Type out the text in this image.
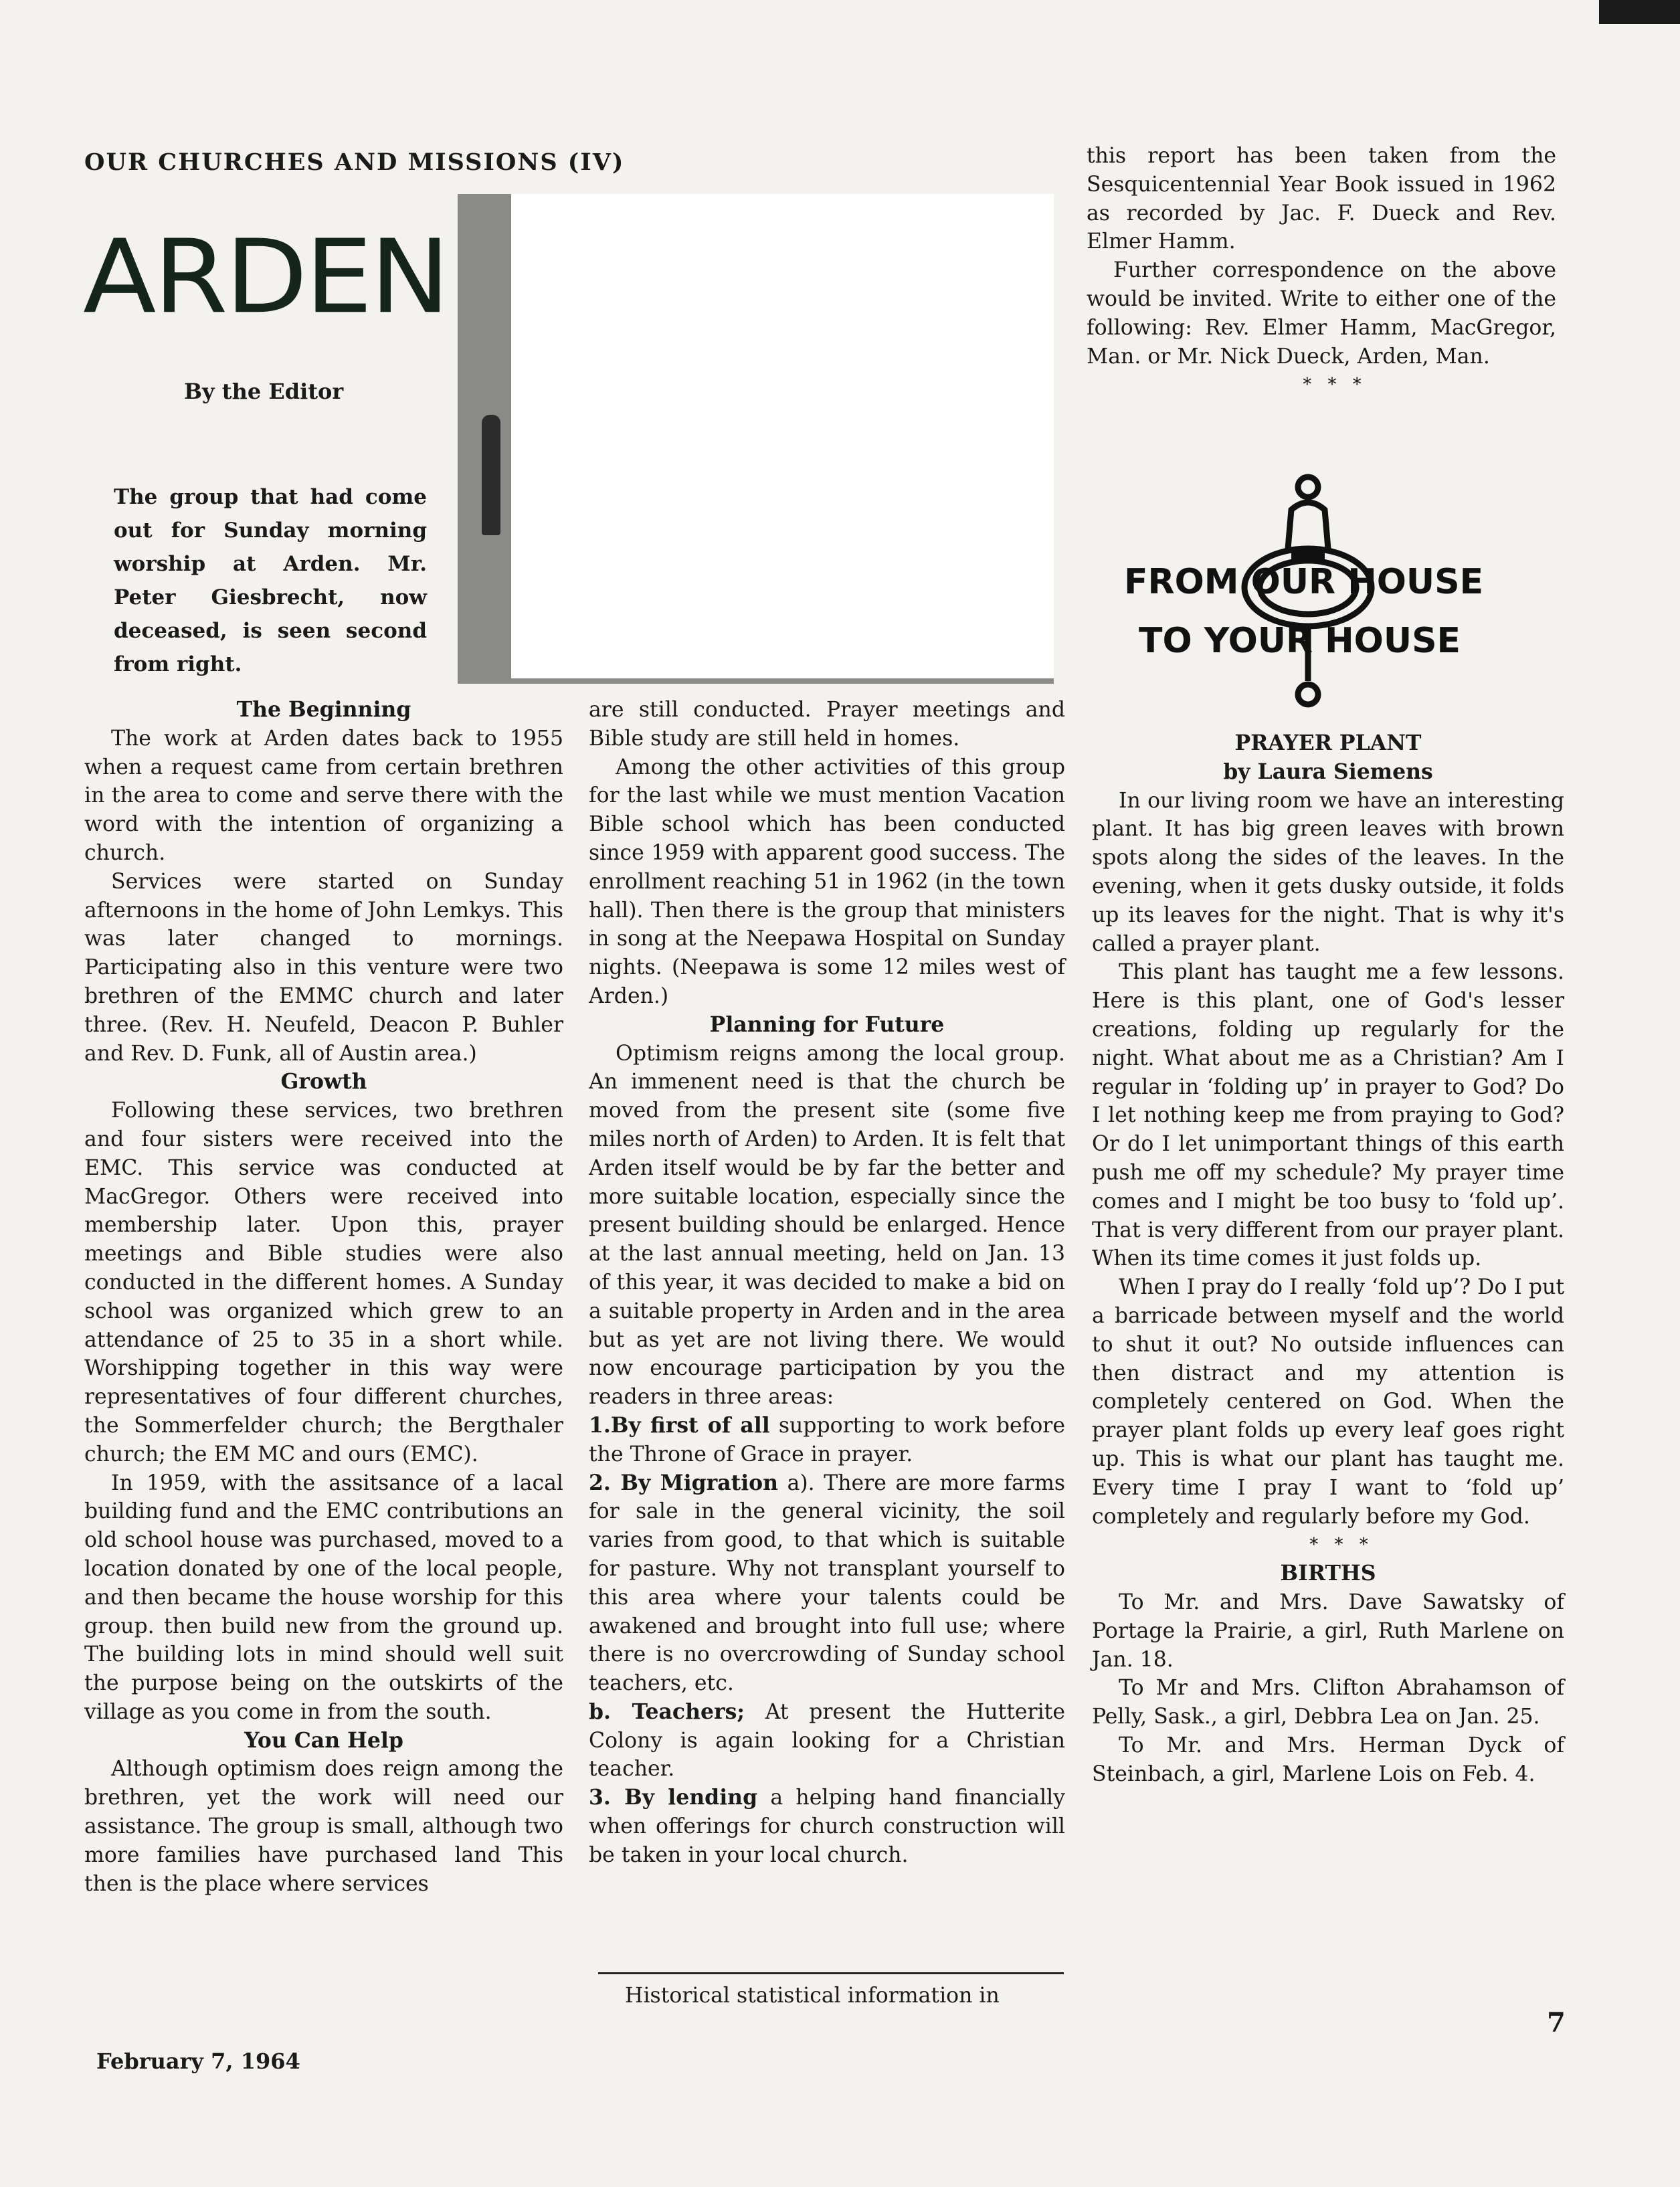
OUR CHURCHES AND MISSIONS (IV)
ARDEN
By the Editor
The group that had come out for Sunday morning worship at Arden. Mr. Peter Giesbrecht, now deceased, is seen second from right.

The Beginning

The work at Arden dates back to 1955 when a request came from certain brethren in the area to come and serve there with the word with the intention of organizing a church.

Services were started on Sunday afternoons in the home of John Lemkys. This was later changed to mornings. Participating also in this venture were two brethren of the EMMC church and later three. (Rev. H. Neufeld, Deacon P. Buhler and Rev. D. Funk, all of Austin area.)

Growth

Following these services, two brethren and four sisters were received into the EMC. This service was conducted at MacGregor. Others were received into membership later. Upon this, prayer meetings and Bible studies were also conducted in the different homes. A Sunday school was organized which grew to an attendance of 25 to 35 in a short while. Worshipping together in this way were representatives of four different churches, the Sommerfelder church; the Bergthaler church; the EM MC and ours (EMC).

In 1959, with the assitsance of a lacal building fund and the EMC contributions an old school house was purchased, moved to a location donated by one of the local people, and then became the house worship for this group. then build new from the ground up. The building lots in mind should well suit the purpose being on the outskirts of the village as you come in from the south.

You Can Help

Although optimism does reign among the brethren, yet the work will need our assistance. The group is small, although two more families have purchased land This then is the place where services

are still conducted. Prayer meetings and Bible study are still held in homes.

Among the other activities of this group for the last while we must mention Vacation Bible school which has been conducted since 1959 with apparent good success. The enrollment reaching 51 in 1962 (in the town hall). Then there is the group that ministers in song at the Neepawa Hospital on Sunday nights. (Neepawa is some 12 miles west of Arden.)

Planning for Future

Optimism reigns among the local group. An immenent need is that the church be moved from the present site (some five miles north of Arden) to Arden. It is felt that Arden itself would be by far the better and more suitable location, especially since the present building should be enlarged. Hence at the last annual meeting, held on Jan. 13 of this year, it was decided to make a bid on a suitable property in Arden and in the area but as yet are not living there. We would now encourage participation by you the readers in three areas:

1.By first of all supporting to work before the Throne of Grace in prayer.

2. By Migration a). There are more farms for sale in the general vicinity, the soil varies from good, to that which is suitable for pasture. Why not transplant yourself to this area where your talents could be awakened and brought into full use; where there is no overcrowding of Sunday school teachers, etc.

b. Teachers; At present the Hutterite Colony is again looking for a Christian teacher.

3. By lending a helping hand financially when offerings for church construction will be taken in your local church.

Historical statistical information in

this report has been taken from the Sesquicentennial Year Book issued in 1962 as recorded by Jac. F. Dueck and Rev. Elmer Hamm.

Further correspondence on the above would be invited. Write to either one of the following: Rev. Elmer Hamm, MacGregor, Man. or Mr. Nick Dueck, Arden, Man.

* * *

FROM OUR HOUSE
TO YOUR HOUSE

PRAYER PLANT

by Laura Siemens

In our living room we have an interesting plant. It has big green leaves with brown spots along the sides of the leaves. In the evening, when it gets dusky outside, it folds up its leaves for the night. That is why it's called a prayer plant.

This plant has taught me a few lessons. Here is this plant, one of God's lesser creations, folding up regularly for the night. What about me as a Christian? Am I regular in ‘folding up’ in prayer to God? Do I let nothing keep me from praying to God? Or do I let unimportant things of this earth push me off my schedule? My prayer time comes and I might be too busy to ‘fold up’. That is very different from our prayer plant. When its time comes it just folds up.

When I pray do I really ‘fold up’? Do I put a barricade between myself and the world to shut it out? No outside influences can then distract and my attention is completely centered on God. When the prayer plant folds up every leaf goes right up. This is what our plant has taught me. Every time I pray I want to ‘fold up’ completely and regularly before my God.

* * *

BIRTHS

To Mr. and Mrs. Dave Sawatsky of Portage la Prairie, a girl, Ruth Marlene on Jan. 18.

To Mr and Mrs. Clifton Abrahamson of Pelly, Sask., a girl, Debbra Lea on Jan. 25.

To Mr. and Mrs. Herman Dyck of Steinbach, a girl, Marlene Lois on Feb. 4.

February 7, 1964
7
